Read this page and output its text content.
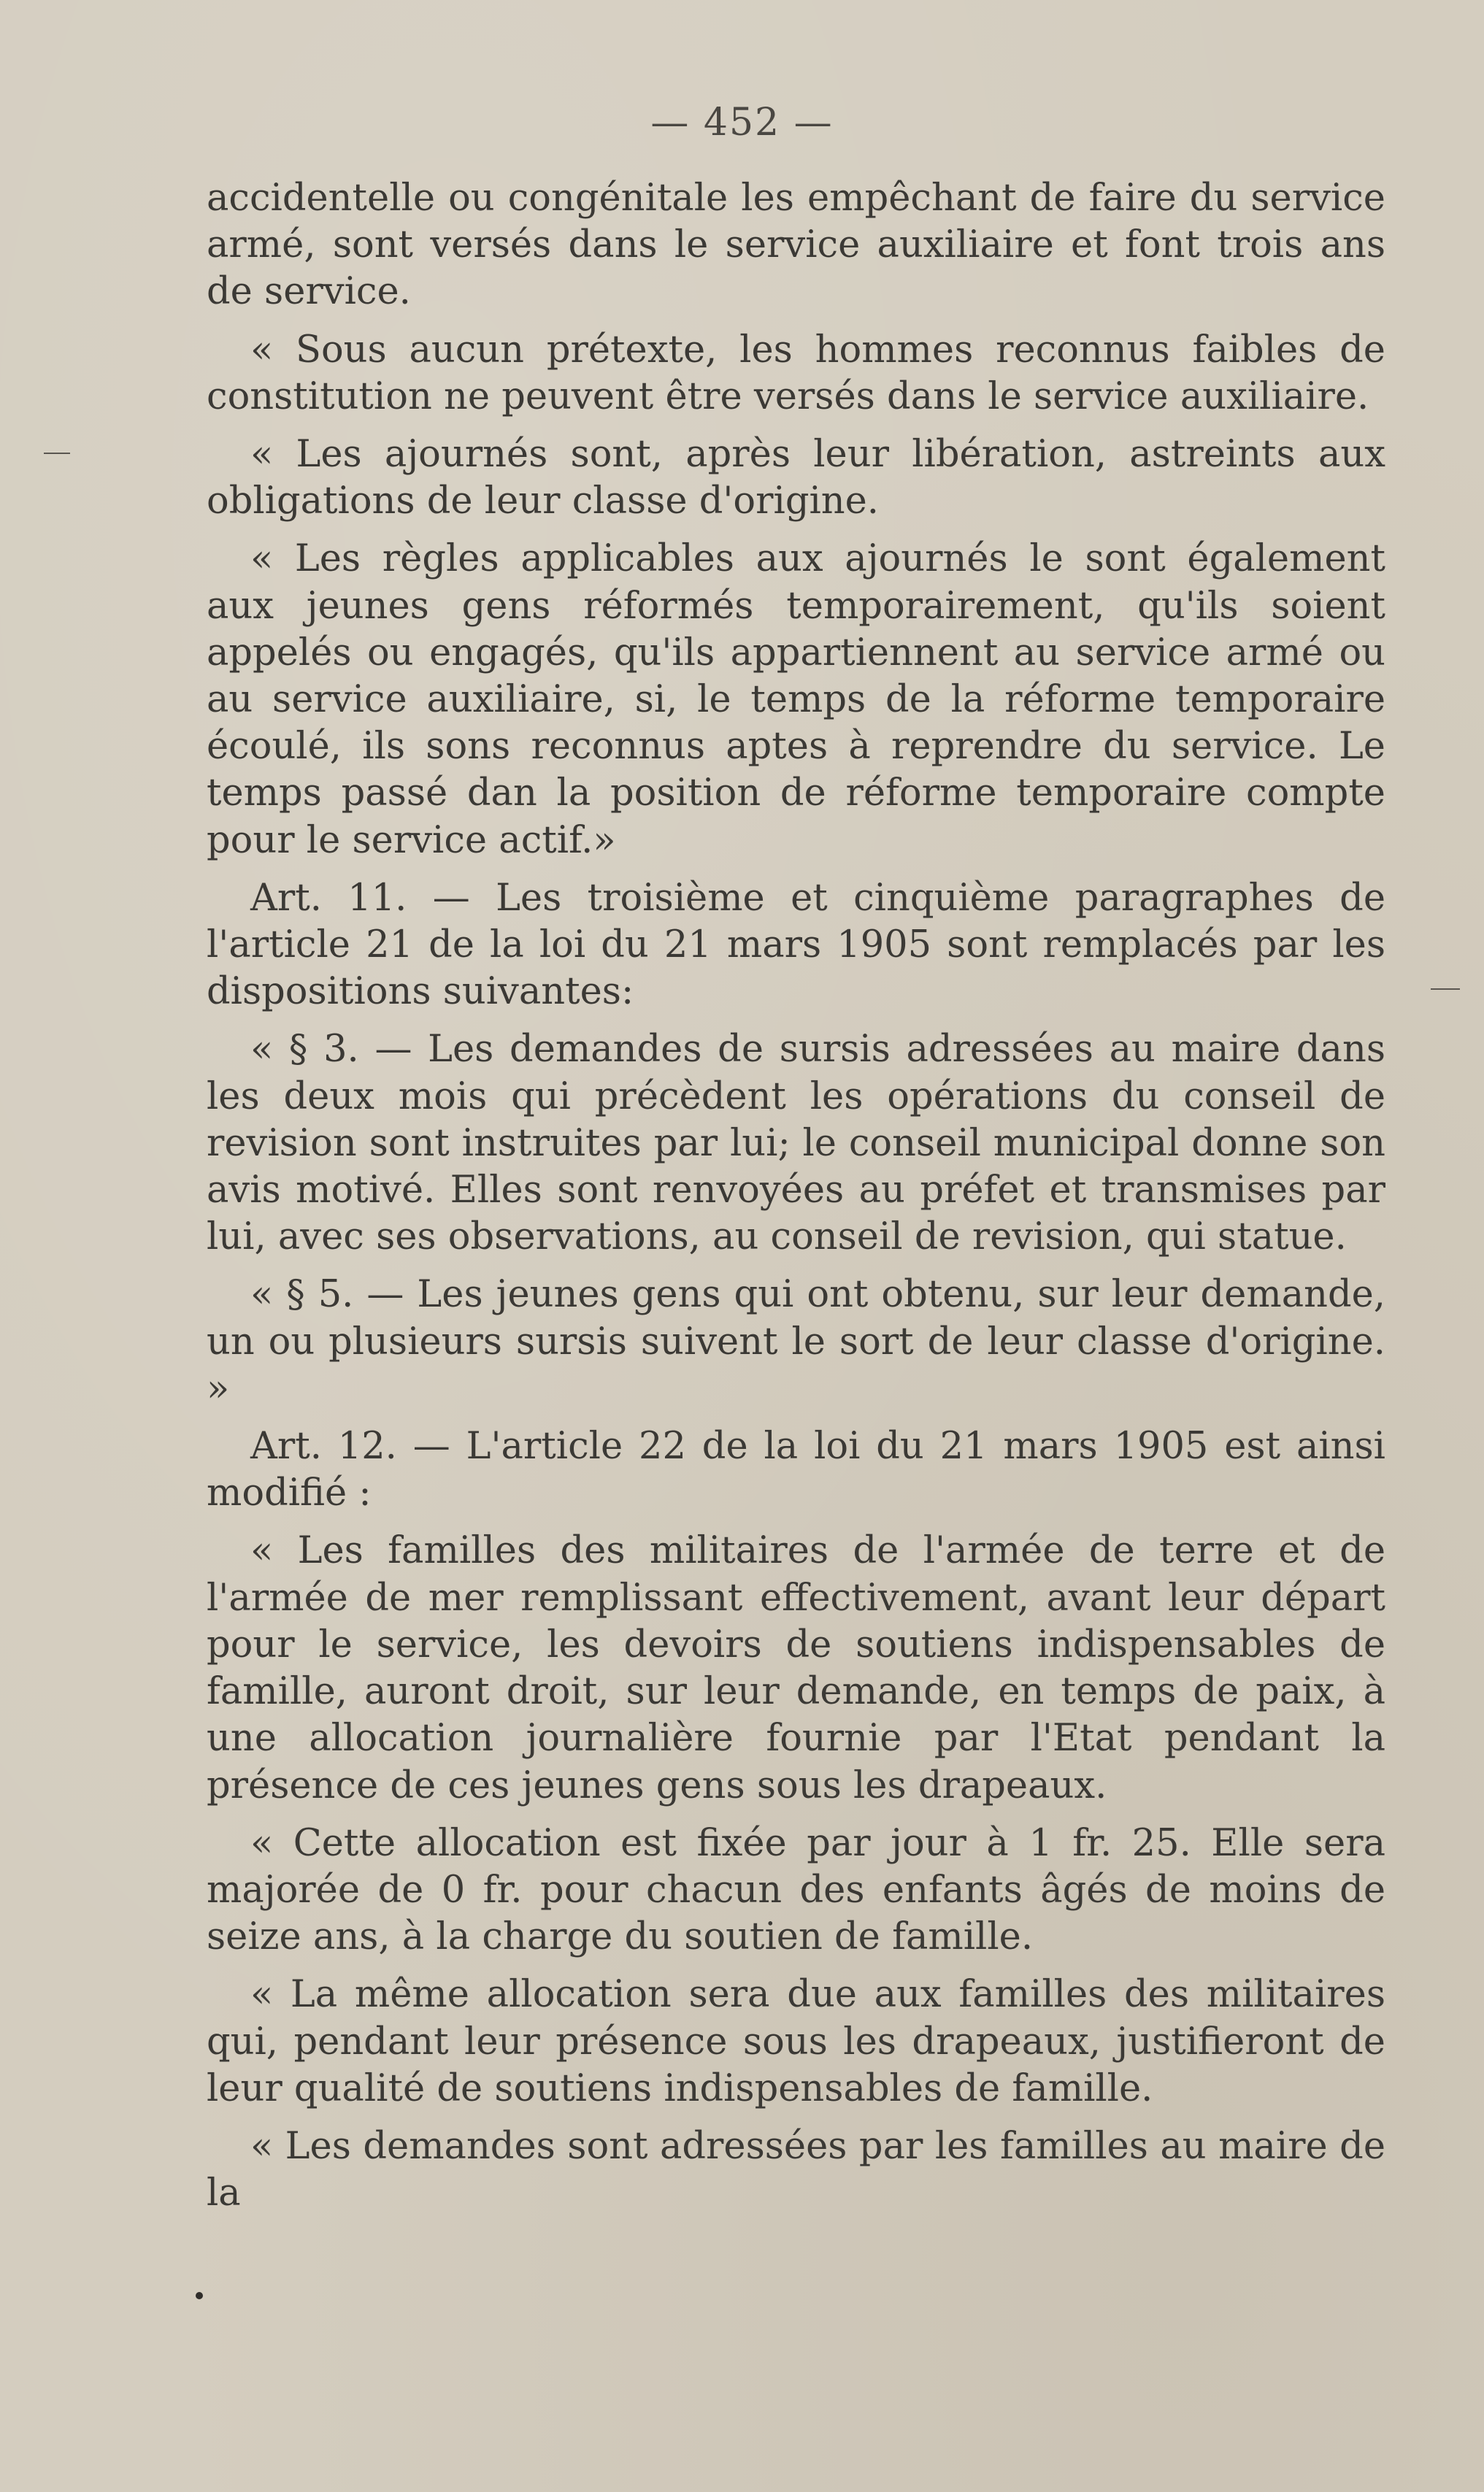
— 452 —

accidentelle ou congénitale les empêchant de faire du service armé, sont versés dans le service auxiliaire et font trois ans de service.

« Sous aucun prétexte, les hommes reconnus faibles de constitution ne peuvent être versés dans le service auxiliaire.

« Les ajournés sont, après leur libération, astreints aux obligations de leur classe d'origine.

« Les règles applicables aux ajournés le sont également aux jeunes gens réformés temporairement, qu'ils soient appelés ou engagés, qu'ils appartiennent au service armé ou au service auxiliaire, si, le temps de la réforme temporaire écoulé, ils sons reconnus aptes à reprendre du service. Le temps passé dan la position de réforme temporaire compte pour le service actif.»

Art. 11. — Les troisième et cinquième paragraphes de l'article 21 de la loi du 21 mars 1905 sont remplacés par les dispositions suivantes:

« § 3. — Les demandes de sursis adressées au maire dans les deux mois qui précèdent les opérations du conseil de revision sont instruites par lui; le conseil municipal donne son avis motivé. Elles sont renvoyées au préfet et transmises par lui, avec ses observations, au conseil de revision, qui statue.

« § 5. — Les jeunes gens qui ont obtenu, sur leur demande, un ou plusieurs sursis suivent le sort de leur classe d'origine. »

Art. 12. — L'article 22 de la loi du 21 mars 1905 est ainsi modifié :

« Les familles des militaires de l'armée de terre et de l'armée de mer remplissant effectivement, avant leur départ pour le service, les devoirs de soutiens indispensables de famille, auront droit, sur leur demande, en temps de paix, à une allocation journalière fournie par l'Etat pendant la présence de ces jeunes gens sous les drapeaux.

« Cette allocation est fixée par jour à 1 fr. 25. Elle sera majorée de 0 fr. pour chacun des enfants âgés de moins de seize ans, à la charge du soutien de famille.

« La même allocation sera due aux familles des militaires qui, pendant leur présence sous les drapeaux, justifieront de leur qualité de soutiens indispensables de famille.

« Les demandes sont adressées par les familles au maire de la
